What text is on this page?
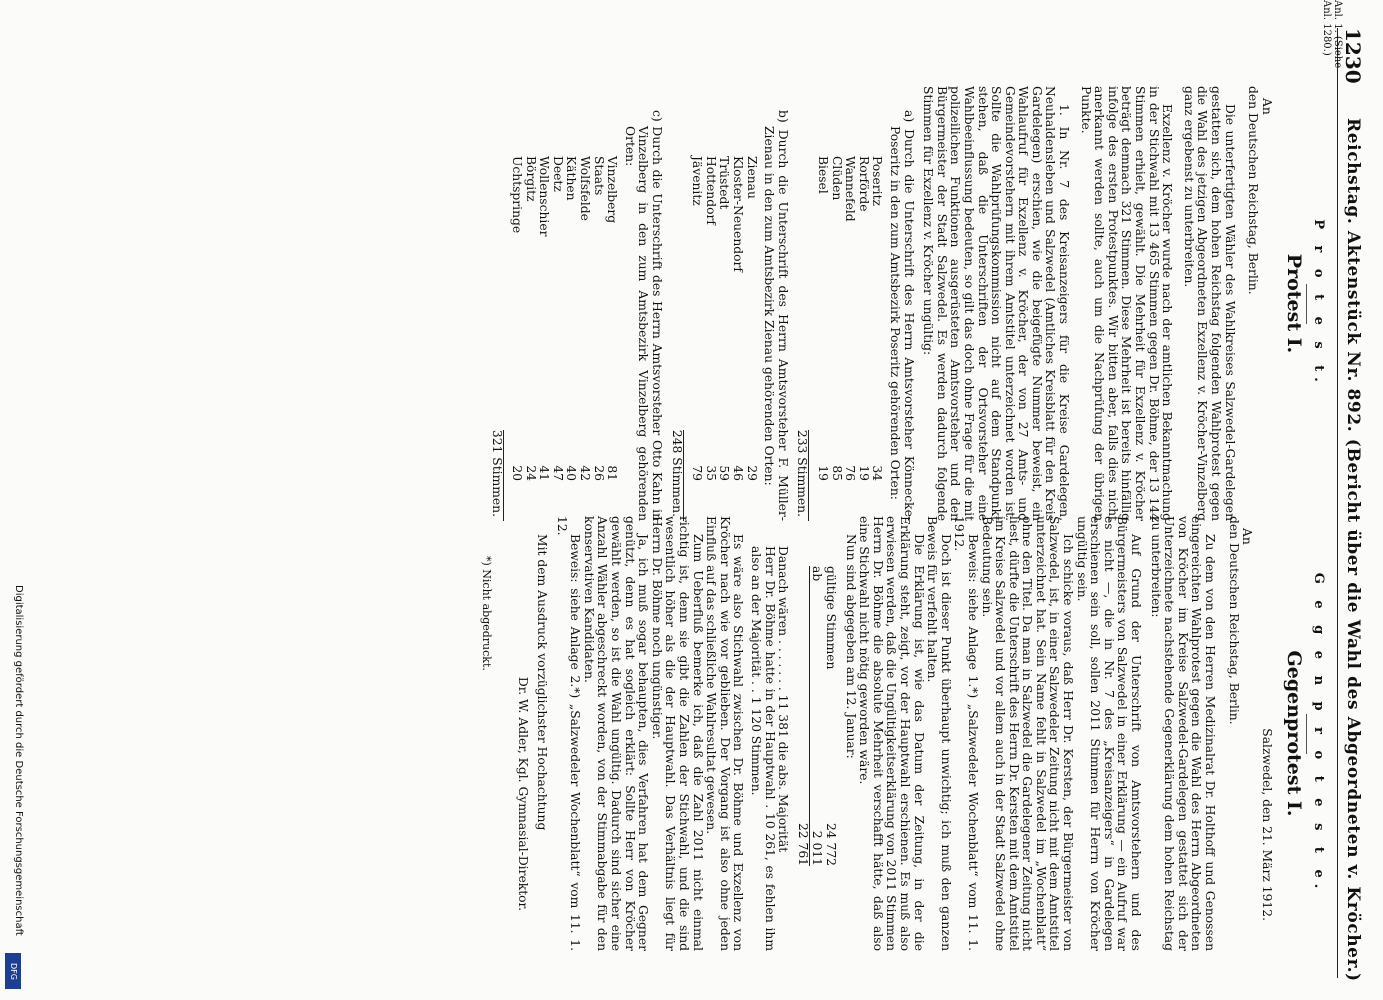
1230
Reichstag. Aktenstück Nr. 892. (Bericht über die Wahl des Abgeordneten v. Kröcher.)
Anl. 1. (Siehe Anl. 1280.)
P r o t e s t.
Protest I.
An
den Deutschen Reichstag, Berlin.

Die unterfertigten Wähler des Wahlkreises Salzwedel-Gardelegen gestatten sich, dem hohen Reichstag folgenden Wahlprotest gegen die Wahl des jetzigen Abgeordneten Exzellenz v. Kröcher-Vinzelberg ganz ergebenst zu unterbreiten.

Exzellenz v. Kröcher wurde nach der amtlichen Bekanntmachung in der Stichwahl mit 13 465 Stimmen gegen Dr. Böhme, der 13 144 Stimmen erhielt, gewählt. Die Mehrheit für Exzellenz v. Kröcher beträgt demnach 321 Stimmen. Diese Mehrheit ist bereits hinfällig infolge des ersten Protestpunktes. Wir bitten aber, falls dies nicht anerkannt werden sollte, auch um die Nachprüfung der übrigen Punkte.

1. In Nr. 7 des Kreisanzeigers für die Kreise Gardelegen, Neuhaldensleben und Salzwedel (Amtliches Kreisblatt für den Kreis Gardelegen) erschien, wie die beigefügte Nummer beweist, ein Wahlaufruf für Exzellenz v. Kröcher, der von 27 Amts- und Gemeindevorstehern mit ihrem Amtstitel unterzeichnet worden ist. Sollte die Wahlprüfungskommission nicht auf dem Standpunkt stehen, daß die Unterschriften der Ortsvorsteher eine Wahlbeeinflussung bedeuten, so gilt das doch ohne Frage für die mit polizeilichen Funktionen ausgerüsteten Amtsvorsteher und den Bürgermeister der Stadt Salzwedel. Es werden dadurch folgende Stimmen für Exzellenz v. Kröcher ungültig:

a) Durch die Unterschrift des Herrn Amtsvorsteher Könnecke-Poseritz in den zum Amtsbezirk Poseritz gehörenden Orten:
Poseritz
34
Rorförde
19
Wannefeld
76
Clüden
85
Biesel
19
233 Stimmen.
b) Durch die Unterschrift des Herrn Amtsvorsteher F. Müller-Zienau in den zum Amtsbezirk Zienau gehörenden Orten:
Zienau
29
Kloster-Neuendorf
46
Trüstedt
59
Hottendorf
35
Jävenitz
79
248 Stimmen.
c) Durch die Unterschrift des Herrn Amtsvorsteher Otto Kahn in Vinzelberg in den zum Amtsbezirk Vinzelberg gehörenden Orten:
Vinzelberg
81
Staats
26
Wolfsfelde
42
Käthen
40
Deetz
47
Wollenschier
41
Börgitz
24
Uchtspringe
20
321 Stimmen.
G e g e n p r o t e s t e.
Gegenprotest I.
Salzwedel, den 21. März 1912.
An
den Deutschen Reichstag, Berlin.

Zu dem von den Herren Medizinalrat Dr. Holthoff und Genossen eingereichten Wahlprotest gegen die Wahl des Herrn Abgeordneten von Kröcher im Kreise Salzwedel-Gardelegen gestattet sich der Unterzeichnete nachstehende Gegenerklärung dem hohen Reichstag zu unterbreiten:

Auf Grund der Unterschrift von Amtsvorstehern und des Bürgermeisters von Salzwedel in einer Erklärung — ein Aufruf war es nicht —, die in Nr. 7 des „Kreisanzeigers“ in Gardelegen erschienen sein soll, sollen 2011 Stimmen für Herrn von Kröcher ungültig sein.

Ich schicke voraus, daß Herr Dr. Kersten, der Bürgermeister von Salzwedel, ist, in einer Salzwedeler Zeitung nicht mit dem Amtstitel unterzeichnet hat. Sein Name fehlt in Salzwedel im „Wochenblatt“ ohne den Titel. Da man in Salzwedel die Gardelegener Zeitung nicht liest, dürfte die Unterschrift des Herrn Dr. Kersten mit dem Amtstitel im Kreise Salzwedel und vor allem auch in der Stadt Salzwedel ohne Bedeutung sein.

Beweis: siehe Anlage 1.*) „Salzwedeler Wochenblatt“ vom 11. 1. 1912.

Doch ist dieser Punkt überhaupt unwichtig; ich muß den ganzen Beweis für verfehlt halten.

Die Erklärung ist, wie das Datum der Zeitung, in der die Erklärung steht, zeigt, vor der Hauptwahl erschienen. Es muß also erwiesen werden, daß die Ungültigkeitserklärung von 2011 Stimmen Herrn Dr. Böhme die absolute Mehrheit verschafft hätte, daß also eine Stichwahl nicht nötig geworden wäre.

Nun sind abgegeben am 12. Januar:

gültige Stimmen
24 772
ab
2 011
22 761

Danach wären . . . . . . . 11 381 die abs. Majorität

Herr Dr. Böhme hatte in der Hauptwahl . 10 261, es fehlen ihm also an der Majorität . . 1 120 Stimmen.

Es wäre also Stichwahl zwischen Dr. Böhme und Exzellenz von Kröcher nach wie vor geblieben. Der Vorgang ist also ohne jeden Einfluß auf das schließliche Wahlresultat gewesen.

Zum Ueberfluß bemerke ich, daß die Zahl 2011 nicht einmal richtig ist, denn sie gibt die Zahlen der Stichwahl, und die sind wesentlich höher als die der Hauptwahl. Das Verhältnis liegt für Herrn Dr. Böhme noch ungünstiger.

Ja, ich muß sogar behaupten, dies Verfahren hat dem Gegner genützt, denn es hat sogleich erklärt: Sollte Herr von Kröcher gewählt werden, so ist die Wahl ungültig. Dadurch sind sicher eine Anzahl Wähler abgeschreckt worden, von der Stimmabgabe für den konservativen Kandidaten.

Beweis: siehe Anlage 2.*) „Salzwedeler Wochenblatt“ vom 11. 1. 12.

Mit dem Ausdruck vorzüglichster Hochachtung

Dr. W. Adler, Kgl. Gymnasial-Direktor.
*) Nicht abgedruckt.
Digitalisierung gefördert durch die Deutsche Forschungsgemeinschaft
DFG
